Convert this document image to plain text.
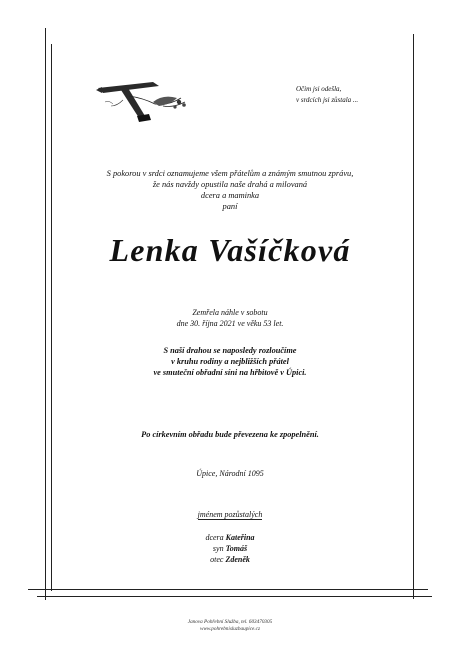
Očim jsi odešla,
v srdcích jsi zůstala ...
S pokorou v srdci oznamujeme všem přátelům a známým smutnou zprávu,
že nás navždy opustila naše drahá a milovaná
dcera a maminka
paní
Lenka Vašíčková
Zemřela náhle v sobotu
dne 30. října 2021 ve věku 53 let.
S naší drahou se naposledy rozloučíme
v kruhu rodiny a nejbližších přátel
ve smuteční obřadní síni na hřbitově v Úpici.
Po církevním obřadu bude převezena ke zpopelnění.
Úpice, Národní 1095
jménem pozůstalých
dcera Kateřina
syn Tomáš
otec Zdeněk
Janova Pohřební Služba, tel. 603470305
www.pohrebnisluzbaupice.cz
